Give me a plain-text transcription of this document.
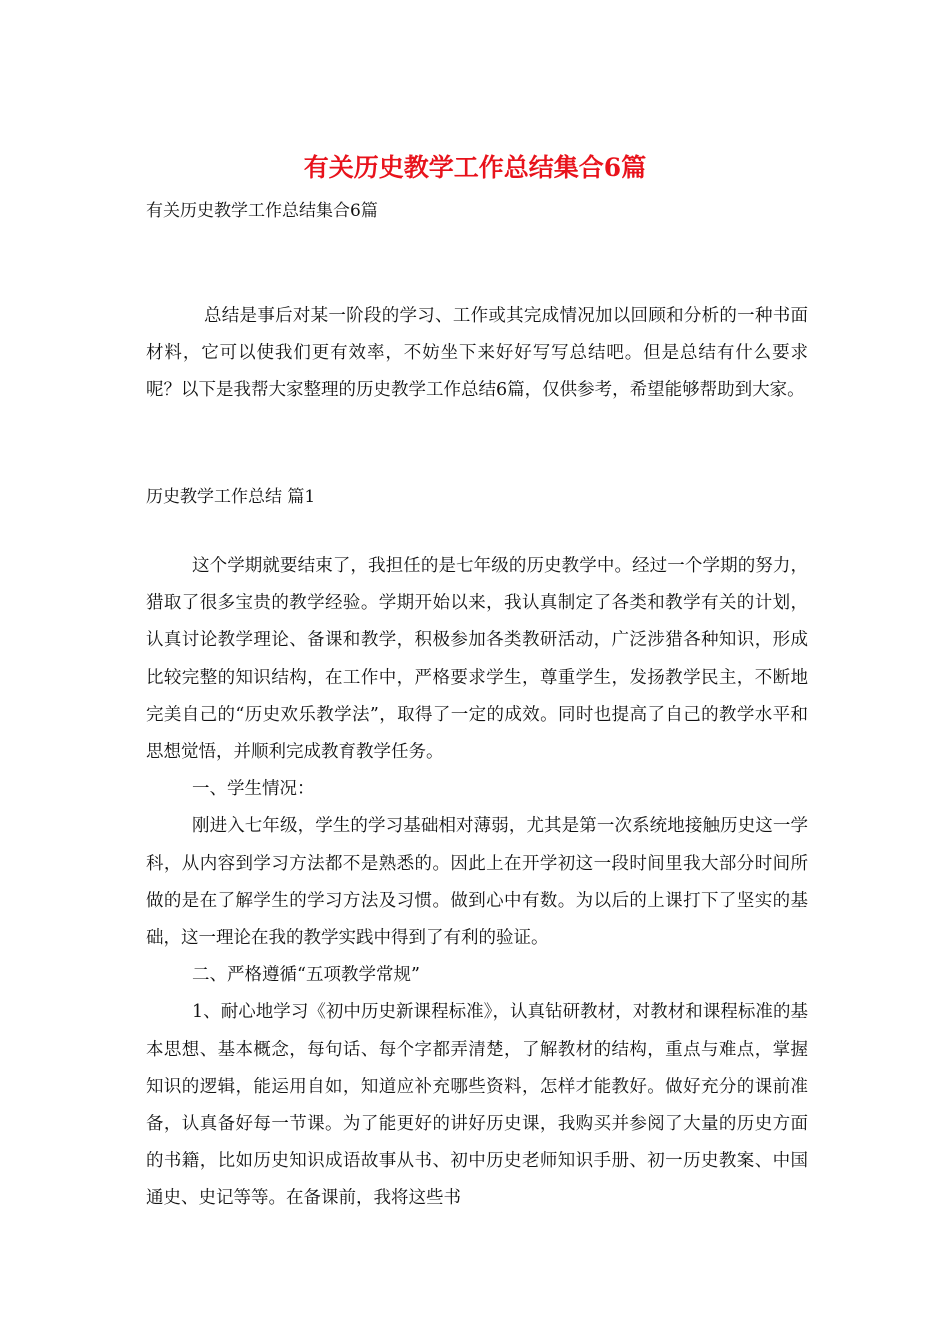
有关历史教学工作总结集合6篇
有关历史教学工作总结集合6篇

总结是事后对某一阶段的学习、工作或其完成情况加以回顾和分析的一种书面材料，它可以使我们更有效率，不妨坐下来好好写写总结吧。但是总结有什么要求呢？以下是我帮大家整理的历史教学工作总结6篇，仅供参考，希望能够帮助到大家。

历史教学工作总结 篇1

这个学期就要结束了，我担任的是七年级的历史教学中。经过一个学期的努力，猎取了很多宝贵的教学经验。学期开始以来，我认真制定了各类和教学有关的计划，认真讨论教学理论、备课和教学，积极参加各类教研活动，广泛涉猎各种知识，形成比较完整的知识结构，在工作中，严格要求学生，尊重学生，发扬教学民主，不断地完美自己的“历史欢乐教学法”，取得了一定的成效。同时也提高了自己的教学水平和思想觉悟，并顺利完成教育教学任务。

一、学生情况：

刚进入七年级，学生的学习基础相对薄弱，尤其是第一次系统地接触历史这一学科，从内容到学习方法都不是熟悉的。因此上在开学初这一段时间里我大部分时间所做的是在了解学生的学习方法及习惯。做到心中有数。为以后的上课打下了坚实的基础，这一理论在我的教学实践中得到了有利的验证。

二、严格遵循“五项教学常规”

1、耐心地学习《初中历史新课程标准》，认真钻研教材，对教材和课程标准的基本思想、基本概念，每句话、每个字都弄清楚，了解教材的结构，重点与难点，掌握知识的逻辑，能运用自如，知道应补充哪些资料，怎样才能教好。做好充分的课前准备，认真备好每一节课。为了能更好的讲好历史课，我购买并参阅了大量的历史方面的书籍，比如历史知识成语故事从书、初中历史老师知识手册、初一历史教案、中国通史、史记等等。在备课前，我将这些书
